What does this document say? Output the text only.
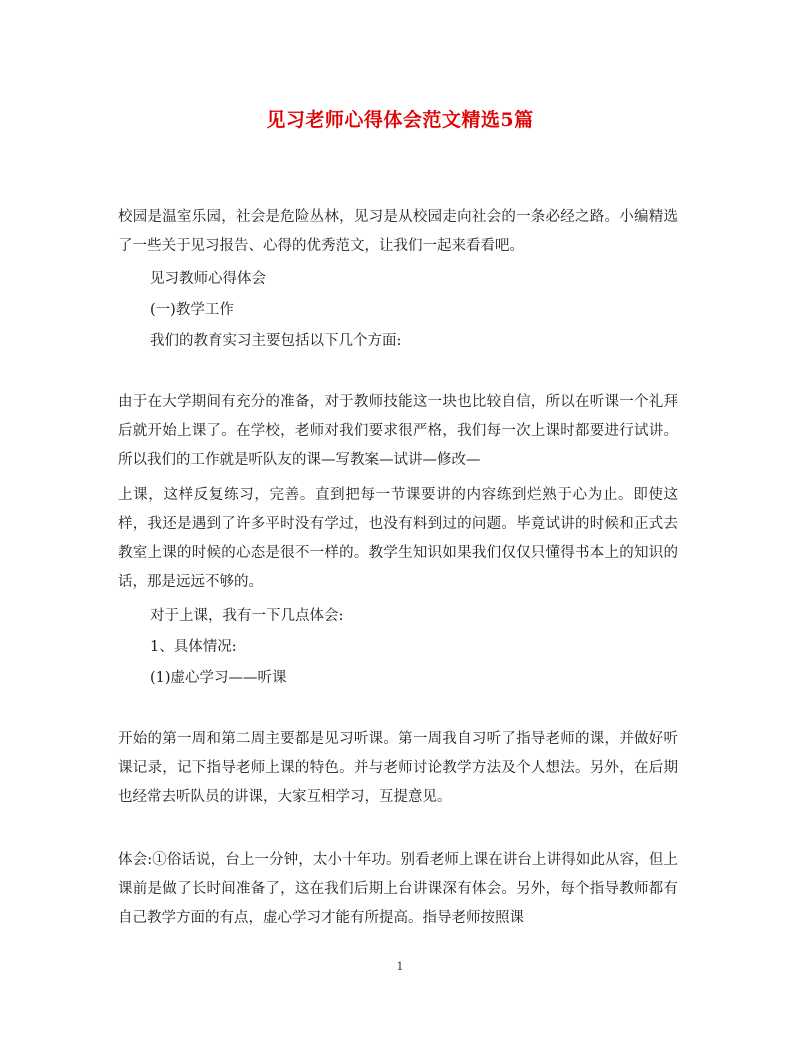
见习老师心得体会范文精选5篇

校园是温室乐园，社会是危险丛林，见习是从校园走向社会的一条必经之路。小编精选了一些关于见习报告、心得的优秀范文，让我们一起来看看吧。

见习教师心得体会

(一)教学工作

我们的教育实习主要包括以下几个方面:

由于在大学期间有充分的准备，对于教师技能这一块也比较自信，所以在听课一个礼拜后就开始上课了。在学校，老师对我们要求很严格，我们每一次上课时都要进行试讲。所以我们的工作就是听队友的课—写教案—试讲—修改—

上课，这样反复练习，完善。直到把每一节课要讲的内容练到烂熟于心为止。即使这样，我还是遇到了许多平时没有学过，也没有料到过的问题。毕竟试讲的时候和正式去教室上课的时候的心态是很不一样的。教学生知识如果我们仅仅只懂得书本上的知识的话，那是远远不够的。

对于上课，我有一下几点体会:

1、具体情况:

(1)虚心学习——听课

开始的第一周和第二周主要都是见习听课。第一周我自习听了指导老师的课，并做好听课记录，记下指导老师上课的特色。并与老师讨论教学方法及个人想法。另外，在后期也经常去听队员的讲课，大家互相学习，互提意见。

体会:①俗话说，台上一分钟，太小十年功。别看老师上课在讲台上讲得如此从容，但上课前是做了长时间准备了，这在我们后期上台讲课深有体会。另外，每个指导教师都有自己教学方面的有点，虚心学习才能有所提高。指导老师按照课

1
